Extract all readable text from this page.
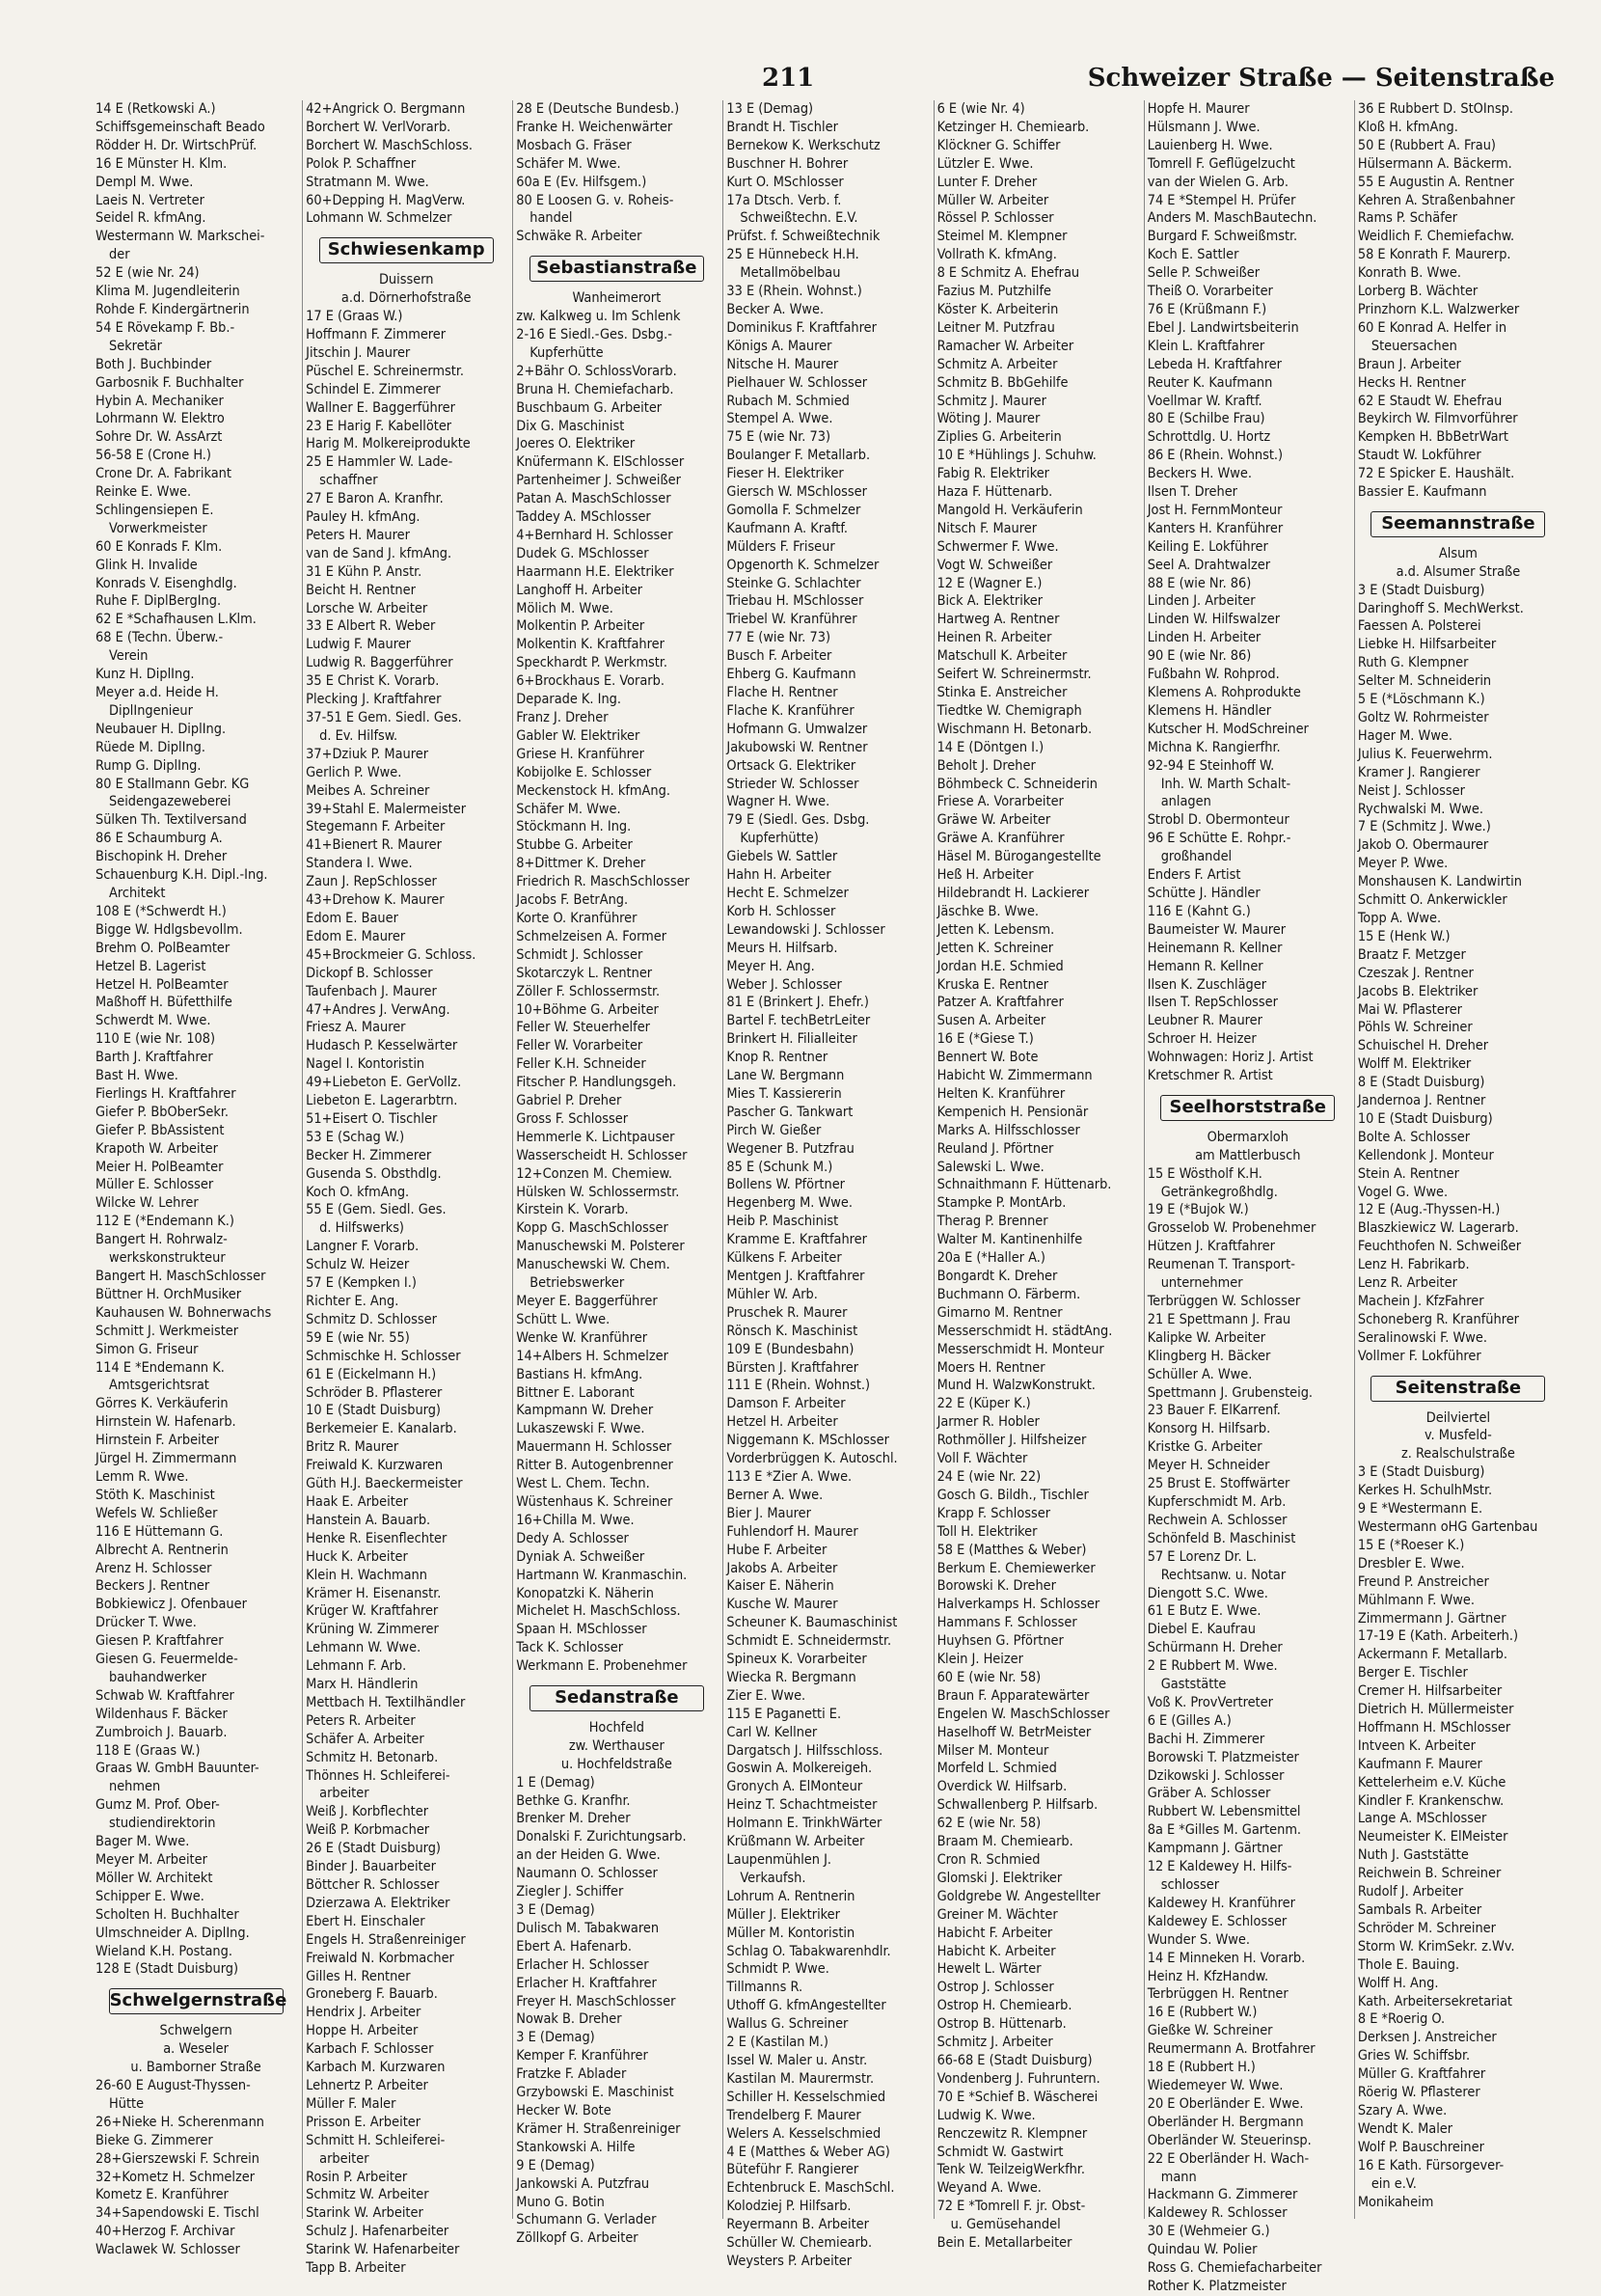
211	Schweizer Straße — Seitenstraße
14 E (Retkowski A.)
Schiffsgemeinschaft Beado
Rödder H. Dr. WirtschPrüf.
16 E Münster H. Klm.
Dempl M. Wwe.
Laeis N. Vertreter
Seidel R. kfmAng.
Westermann W. Markschei-
der
52 E (wie Nr. 24)
Klima M. Jugendleiterin
Rohde F. Kindergärtnerin
54 E Rövekamp F. Bb.-
Sekretär
Both J. Buchbinder
Garbosnik F. Buchhalter
Hybin A. Mechaniker
Lohrmann W. Elektro
Sohre Dr. W. AssArzt
56-58 E (Crone H.)
Crone Dr. A. Fabrikant
Reinke E. Wwe.
Schlingensiepen E.
Vorwerkmeister
60 E Konrads F. Klm.
Glink H. Invalide
Konrads V. Eisenghdlg.
Ruhe F. DiplBergIng.
62 E *Schafhausen L.Klm.
68 E (Techn. Überw.-
Verein
Kunz H. DiplIng.
Meyer a.d. Heide H.
DiplIngenieur
Neubauer H. DiplIng.
Rüede M. DiplIng.
Rump G. DiplIng.
80 E Stallmann Gebr. KG
Seidengazeweberei
Sülken Th. Textilversand
86 E Schaumburg A.
Bischopink H. Dreher
Schauenburg K.H. Dipl.-Ing.
Architekt
108 E (*Schwerdt H.)
Bigge W. Hdlgsbevollm.
Brehm O. PolBeamter
Hetzel B. Lagerist
Hetzel H. PolBeamter
Maßhoff H. Büfetthilfe
Schwerdt M. Wwe.
110 E (wie Nr. 108)
Barth J. Kraftfahrer
Bast H. Wwe.
Fierlings H. Kraftfahrer
Giefer P. BbOberSekr.
Giefer P. BbAssistent
Krapoth W. Arbeiter
Meier H. PolBeamter
Müller E. Schlosser
Wilcke W. Lehrer
112 E (*Endemann K.)
Bangert H. Rohrwalz-
werkskonstrukteur
Bangert H. MaschSchlosser
Büttner H. OrchMusiker
Kauhausen W. Bohnerwachs
Schmitt J. Werkmeister
Simon G. Friseur
114 E *Endemann K.
Amtsgerichtsrat
Görres K. Verkäuferin
Hirnstein W. Hafenarb.
Hirnstein F. Arbeiter
Jürgel H. Zimmermann
Lemm R. Wwe.
Stöth K. Maschinist
Wefels W. Schließer
116 E Hüttemann G.
Albrecht A. Rentnerin
Arenz H. Schlosser
Beckers J. Rentner
Bobkiewicz J. Ofenbauer
Drücker T. Wwe.
Giesen P. Kraftfahrer
Giesen G. Feuermelde-
bauhandwerker
Schwab W. Kraftfahrer
Wildenhaus F. Bäcker
Zumbroich J. Bauarb.
118 E (Graas W.)
Graas W. GmbH Bauunter-
nehmen
Gumz M. Prof. Ober-
studiendirektorin
Bager M. Wwe.
Meyer M. Arbeiter
Möller W. Architekt
Schipper E. Wwe.
Scholten H. Buchhalter
Ulmschneider A. DiplIng.
Wieland K.H. Postang.
128 E (Stadt Duisburg)
Schwelgernstraße
Schwelgern
a. Weseler
u. Bamborner Straße
26-60 E August-Thyssen-
Hütte
26+Nieke H. Scherenmann
Bieke G. Zimmerer
28+Gierszewski F. Schrein
32+Kometz H. Schmelzer
Kometz E. Kranführer
34+Sapendowski E. Tischl
40+Herzog F. Archivar
Waclawek W. Schlosser
42+Angrick O. Bergmann
Borchert W. VerlVorarb.
Borchert W. MaschSchloss.
Polok P. Schaffner
Stratmann M. Wwe.
60+Depping H. MagVerw.
Lohmann W. Schmelzer
Schwiesenkamp
Duissern
a.d. Dörnerhofstraße
17 E (Graas W.)
Hoffmann F. Zimmerer
Jitschin J. Maurer
Püschel E. Schreinermstr.
Schindel E. Zimmerer
Wallner E. Baggerführer
23 E Harig F. Kabellöter
Harig M. Molkereiprodukte
25 E Hammler W. Lade-
schaffner
27 E Baron A. Kranfhr.
Pauley H. kfmAng.
Peters H. Maurer
van de Sand J. kfmAng.
31 E Kühn P. Anstr.
Beicht H. Rentner
Lorsche W. Arbeiter
33 E Albert R. Weber
Ludwig F. Maurer
Ludwig R. Baggerführer
35 E Christ K. Vorarb.
Plecking J. Kraftfahrer
37-51 E Gem. Siedl. Ges.
d. Ev. Hilfsw.
37+Dziuk P. Maurer
Gerlich P. Wwe.
Meibes A. Schreiner
39+Stahl E. Malermeister
Stegemann F. Arbeiter
41+Bienert R. Maurer
Standera I. Wwe.
Zaun J. RepSchlosser
43+Drehow K. Maurer
Edom E. Bauer
Edom E. Maurer
45+Brockmeier G. Schloss.
Dickopf B. Schlosser
Taufenbach J. Maurer
47+Andres J. VerwAng.
Friesz A. Maurer
Hudasch P. Kesselwärter
Nagel I. Kontoristin
49+Liebeton E. GerVollz.
Liebeton E. Lagerarbtrn.
51+Eisert O. Tischler
53 E (Schag W.)
Becker H. Zimmerer
Gusenda S. Obsthdlg.
Koch O. kfmAng.
55 E (Gem. Siedl. Ges.
d. Hilfswerks)
Langner F. Vorarb.
Schulz W. Heizer
57 E (Kempken I.)
Richter E. Ang.
Schmitz D. Schlosser
59 E (wie Nr. 55)
Schmischke H. Schlosser
61 E (Eickelmann H.)
Schröder B. Pflasterer
10 E (Stadt Duisburg)
Berkemeier E. Kanalarb.
Britz R. Maurer
Freiwald K. Kurzwaren
Güth H.J. Baeckermeister
Haak E. Arbeiter
Hanstein A. Bauarb.
Henke R. Eisenflechter
Huck K. Arbeiter
Klein H. Wachmann
Krämer H. Eisenanstr.
Krüger W. Kraftfahrer
Krüning W. Zimmerer
Lehmann W. Wwe.
Lehmann F. Arb.
Marx H. Händlerin
Mettbach H. Textilhändler
Peters R. Arbeiter
Schäfer A. Arbeiter
Schmitz H. Betonarb.
Thönnes H. Schleiferei-
arbeiter
Weiß J. Korbflechter
Weiß P. Korbmacher
26 E (Stadt Duisburg)
Binder J. Bauarbeiter
Böttcher R. Schlosser
Dzierzawa A. Elektriker
Ebert H. Einschaler
Engels H. Straßenreiniger
Freiwald N. Korbmacher
Gilles H. Rentner
Groneberg F. Bauarb.
Hendrix J. Arbeiter
Hoppe H. Arbeiter
Karbach F. Schlosser
Karbach M. Kurzwaren
Lehnertz P. Arbeiter
Müller F. Maler
Prisson E. Arbeiter
Schmitt H. Schleiferei-
arbeiter
Rosin P. Arbeiter
Schmitz W. Arbeiter
Starink W. Arbeiter
Schulz J. Hafenarbeiter
Starink W. Hafenarbeiter
Tapp B. Arbeiter
28 E (Deutsche Bundesb.)
Franke H. Weichenwärter
Mosbach G. Fräser
Schäfer M. Wwe.
60a E (Ev. Hilfsgem.)
80 E Loosen G. v. Roheis-
handel
Schwäke R. Arbeiter
Sebastianstraße
Wanheimerort
zw. Kalkweg u. Im Schlenk
2-16 E Siedl.-Ges. Dsbg.-
Kupferhütte
2+Bähr O. SchlossVorarb.
Bruna H. Chemiefacharb.
Buschbaum G. Arbeiter
Dix G. Maschinist
Joeres O. Elektriker
Knüfermann K. ElSchlosser
Partenheimer J. Schweißer
Patan A. MaschSchlosser
Taddey A. MSchlosser
4+Bernhard H. Schlosser
Dudek G. MSchlosser
Haarmann H.E. Elektriker
Langhoff H. Arbeiter
Mölich M. Wwe.
Molkentin P. Arbeiter
Molkentin K. Kraftfahrer
Speckhardt P. Werkmstr.
6+Brockhaus E. Vorarb.
Deparade K. Ing.
Franz J. Dreher
Gabler W. Elektriker
Griese H. Kranführer
Kobijolke E. Schlosser
Meckenstock H. kfmAng.
Schäfer M. Wwe.
Stöckmann H. Ing.
Stubbe G. Arbeiter
8+Dittmer K. Dreher
Friedrich R. MaschSchlosser
Jacobs F. BetrAng.
Korte O. Kranführer
Schmelzeisen A. Former
Schmidt J. Schlosser
Skotarczyk L. Rentner
Zöller F. Schlossermstr.
10+Böhme G. Arbeiter
Feller W. Steuerhelfer
Feller W. Vorarbeiter
Feller K.H. Schneider
Fitscher P. Handlungsgeh.
Gabriel P. Dreher
Gross F. Schlosser
Hemmerle K. Lichtpauser
Wasserscheidt H. Schlosser
12+Conzen M. Chemiew.
Hülsken W. Schlossermstr.
Kirstein K. Vorarb.
Kopp G. MaschSchlosser
Manuschewski M. Polsterer
Manuschewski W. Chem.
Betriebswerker
Meyer E. Baggerführer
Schütt L. Wwe.
Wenke W. Kranführer
14+Albers H. Schmelzer
Bastians H. kfmAng.
Bittner E. Laborant
Kampmann W. Dreher
Lukaszewski F. Wwe.
Mauermann H. Schlosser
Ritter B. Autogenbrenner
West L. Chem. Techn.
Wüstenhaus K. Schreiner
16+Chilla M. Wwe.
Dedy A. Schlosser
Dyniak A. Schweißer
Hartmann W. Kranmaschin.
Konopatzki K. Näherin
Michelet H. MaschSchloss.
Spaan H. MSchlosser
Tack K. Schlosser
Werkmann E. Probenehmer
Sedanstraße
Hochfeld
zw. Werthauser
u. Hochfeldstraße
1 E (Demag)
Bethke G. Kranfhr.
Brenker M. Dreher
Donalski F. Zurichtungsarb.
an der Heiden G. Wwe.
Naumann O. Schlosser
Ziegler J. Schiffer
3 E (Demag)
Dulisch M. Tabakwaren
Ebert A. Hafenarb.
Erlacher H. Schlosser
Erlacher H. Kraftfahrer
Freyer H. MaschSchlosser
Nowak B. Dreher
3 E (Demag)
Kemper F. Kranführer
Fratzke F. Ablader
Grzybowski E. Maschinist
Hecker W. Bote
Krämer H. Straßenreiniger
Stankowski A. Hilfe
9 E (Demag)
Jankowski A. Putzfrau
Muno G. Botin
Schumann G. Verlader
Zöllkopf G. Arbeiter
13 E (Demag)
Brandt H. Tischler
Bernekow K. Werkschutz
Buschner H. Bohrer
Kurt O. MSchlosser
17a Dtsch. Verb. f.
Schweißtechn. E.V.
Prüfst. f. Schweißtechnik
25 E Hünnebeck H.H.
Metallmöbelbau
33 E (Rhein. Wohnst.)
Becker A. Wwe.
Dominikus F. Kraftfahrer
Königs A. Maurer
Nitsche H. Maurer
Pielhauer W. Schlosser
Rubach M. Schmied
Stempel A. Wwe.
75 E (wie Nr. 73)
Boulanger F. Metallarb.
Fieser H. Elektriker
Giersch W. MSchlosser
Gomolla F. Schmelzer
Kaufmann A. Kraftf.
Mülders F. Friseur
Opgenorth K. Schmelzer
Steinke G. Schlachter
Triebau H. MSchlosser
Triebel W. Kranführer
77 E (wie Nr. 73)
Busch F. Arbeiter
Ehberg G. Kaufmann
Flache H. Rentner
Flache K. Kranführer
Hofmann G. Umwalzer
Jakubowski W. Rentner
Ortsack G. Elektriker
Strieder W. Schlosser
Wagner H. Wwe.
79 E (Siedl. Ges. Dsbg.
Kupferhütte)
Giebels W. Sattler
Hahn H. Arbeiter
Hecht E. Schmelzer
Korb H. Schlosser
Lewandowski J. Schlosser
Meurs H. Hilfsarb.
Meyer H. Ang.
Weber J. Schlosser
81 E (Brinkert J. Ehefr.)
Bartel F. techBetrLeiter
Brinkert H. Filialleiter
Knop R. Rentner
Lane W. Bergmann
Mies T. Kassiererin
Pascher G. Tankwart
Pirch W. Gießer
Wegener B. Putzfrau
85 E (Schunk M.)
Bollens W. Pförtner
Hegenberg M. Wwe.
Heib P. Maschinist
Kramme E. Kraftfahrer
Külkens F. Arbeiter
Mentgen J. Kraftfahrer
Mühler W. Arb.
Pruschek R. Maurer
Rönsch K. Maschinist
109 E (Bundesbahn)
Bürsten J. Kraftfahrer
111 E (Rhein. Wohnst.)
Damson F. Arbeiter
Hetzel H. Arbeiter
Niggemann K. MSchlosser
Vorderbrüggen K. Autoschl.
113 E *Zier A. Wwe.
Berner A. Wwe.
Bier J. Maurer
Fuhlendorf H. Maurer
Hube F. Arbeiter
Jakobs A. Arbeiter
Kaiser E. Näherin
Kusche W. Maurer
Scheuner K. Baumaschinist
Schmidt E. Schneidermstr.
Spineux K. Vorarbeiter
Wiecka R. Bergmann
Zier E. Wwe.
115 E Paganetti E.
Carl W. Kellner
Dargatsch J. Hilfsschloss.
Goswin A. Molkereigeh.
Gronych A. ElMonteur
Heinz T. Schachtmeister
Holmann E. TrinkhWärter
Krüßmann W. Arbeiter
Laupenmühlen J.
Verkaufsh.
Lohrum A. Rentnerin
Müller J. Elektriker
Müller M. Kontoristin
Schlag O. Tabakwarenhdlr.
Schmidt P. Wwe.
Tillmanns R.
Uthoff G. kfmAngestellter
Wallus G. Schreiner
2 E (Kastilan M.)
Issel W. Maler u. Anstr.
Kastilan M. Maurermstr.
Schiller H. Kesselschmied
Trendelberg F. Maurer
Welers A. Kesselschmied
4 E (Matthes & Weber AG)
Büteführ F. Rangierer
Echtenbruck E. MaschSchl.
Kolodziej P. Hilfsarb.
Reyermann B. Arbeiter
Schüller W. Chemiearb.
Weysters P. Arbeiter
6 E (wie Nr. 4)
Ketzinger H. Chemiearb.
Klöckner G. Schiffer
Lützler E. Wwe.
Lunter F. Dreher
Müller W. Arbeiter
Rössel P. Schlosser
Steimel M. Klempner
Vollrath K. kfmAng.
8 E Schmitz A. Ehefrau
Fazius M. Putzhilfe
Köster K. Arbeiterin
Leitner M. Putzfrau
Ramacher W. Arbeiter
Schmitz A. Arbeiter
Schmitz B. BbGehilfe
Schmitz J. Maurer
Wöting J. Maurer
Ziplies G. Arbeiterin
10 E *Hühlings J. Schuhw.
Fabig R. Elektriker
Haza F. Hüttenarb.
Mangold H. Verkäuferin
Nitsch F. Maurer
Schwermer F. Wwe.
Vogt W. Schweißer
12 E (Wagner E.)
Bick A. Elektriker
Hartweg A. Rentner
Heinen R. Arbeiter
Matschull K. Arbeiter
Seifert W. Schreinermstr.
Stinka E. Anstreicher
Tiedtke W. Chemigraph
Wischmann H. Betonarb.
14 E (Döntgen I.)
Beholt J. Dreher
Böhmbeck C. Schneiderin
Friese A. Vorarbeiter
Gräwe W. Arbeiter
Gräwe A. Kranführer
Häsel M. Bürogangestellte
Heß H. Arbeiter
Hildebrandt H. Lackierer
Jäschke B. Wwe.
Jetten K. Lebensm.
Jetten K. Schreiner
Jordan H.E. Schmied
Kruska E. Rentner
Patzer A. Kraftfahrer
Susen A. Arbeiter
16 E (*Giese T.)
Bennert W. Bote
Habicht W. Zimmermann
Helten K. Kranführer
Kempenich H. Pensionär
Marks A. Hilfsschlosser
Reuland J. Pförtner
Salewski L. Wwe.
Schnaithmann F. Hüttenarb.
Stampke P. MontArb.
Therag P. Brenner
Walter M. Kantinenhilfe
20a E (*Haller A.)
Bongardt K. Dreher
Buchmann O. Färberm.
Gimarno M. Rentner
Messerschmidt H. städtAng.
Messerschmidt H. Monteur
Moers H. Rentner
Mund H. WalzwKonstrukt.
22 E (Küper K.)
Jarmer R. Hobler
Rothmöller J. Hilfsheizer
Voll F. Wächter
24 E (wie Nr. 22)
Gosch G. Bildh., Tischler
Krapp F. Schlosser
Toll H. Elektriker
58 E (Matthes & Weber)
Berkum E. Chemiewerker
Borowski K. Dreher
Halverkamps H. Schlosser
Hammans F. Schlosser
Huyhsen G. Pförtner
Klein J. Heizer
60 E (wie Nr. 58)
Braun F. Apparatewärter
Engelen W. MaschSchlosser
Haselhoff W. BetrMeister
Milser M. Monteur
Morfeld L. Schmied
Overdick W. Hilfsarb.
Schwallenberg P. Hilfsarb.
62 E (wie Nr. 58)
Braam M. Chemiearb.
Cron R. Schmied
Glomski J. Elektriker
Goldgrebe W. Angestellter
Greiner M. Wächter
Habicht F. Arbeiter
Habicht K. Arbeiter
Hewelt L. Wärter
Ostrop J. Schlosser
Ostrop H. Chemiearb.
Ostrop B. Hüttenarb.
Schmitz J. Arbeiter
66-68 E (Stadt Duisburg)
Vondenberg J. Fuhruntern.
70 E *Schief B. Wäscherei
Ludwig K. Wwe.
Renczewitz R. Klempner
Schmidt W. Gastwirt
Tenk W. TeilzeigWerkfhr.
Weyand A. Wwe.
72 E *Tomrell F. jr. Obst-
u. Gemüsehandel
Bein E. Metallarbeiter
Hopfe H. Maurer
Hülsmann J. Wwe.
Lauienberg H. Wwe.
Tomrell F. Geflügelzucht
van der Wielen G. Arb.
74 E *Stempel H. Prüfer
Anders M. MaschBautechn.
Burgard F. Schweißmstr.
Koch E. Sattler
Selle P. Schweißer
Theiß O. Vorarbeiter
76 E (Krüßmann F.)
Ebel J. Landwirtsbeiterin
Klein L. Kraftfahrer
Lebeda H. Kraftfahrer
Reuter K. Kaufmann
Voellmar W. Kraftf.
80 E (Schilbe Frau)
Schrottdlg. U. Hortz
86 E (Rhein. Wohnst.)
Beckers H. Wwe.
Ilsen T. Dreher
Jost H. FernmMonteur
Kanters H. Kranführer
Keiling E. Lokführer
Seel A. Drahtwalzer
88 E (wie Nr. 86)
Linden J. Arbeiter
Linden W. Hilfswalzer
Linden H. Arbeiter
90 E (wie Nr. 86)
Fußbahn W. Rohprod.
Klemens A. Rohprodukte
Klemens H. Händler
Kutscher H. ModSchreiner
Michna K. Rangierfhr.
92-94 E Steinhoff W.
Inh. W. Marth Schalt-
anlagen
Strobl D. Obermonteur
96 E Schütte E. Rohpr.-
großhandel
Enders F. Artist
Schütte J. Händler
116 E (Kahnt G.)
Baumeister W. Maurer
Heinemann R. Kellner
Hemann R. Kellner
Ilsen K. Zuschläger
Ilsen T. RepSchlosser
Leubner R. Maurer
Schroer H. Heizer
Wohnwagen: Horiz J. Artist
Kretschmer R. Artist
Seelhorststraße
Obermarxloh
am Mattlerbusch
15 E Wöstholf K.H.
Getränkegroßhdlg.
19 E (*Bujok W.)
Grosselob W. Probenehmer
Hützen J. Kraftfahrer
Reumenan T. Transport-
unternehmer
Terbrüggen W. Schlosser
21 E Spettmann J. Frau
Kalipke W. Arbeiter
Klingberg H. Bäcker
Schüller A. Wwe.
Spettmann J. Grubensteig.
23 Bauer F. ElKarrenf.
Konsorg H. Hilfsarb.
Kristke G. Arbeiter
Meyer H. Schneider
25 Brust E. Stoffwärter
Kupferschmidt M. Arb.
Rechwein A. Schlosser
Schönfeld B. Maschinist
57 E Lorenz Dr. L.
Rechtsanw. u. Notar
Diengott S.C. Wwe.
61 E Butz E. Wwe.
Diebel E. Kaufrau
Schürmann H. Dreher
2 E Rubbert M. Wwe.
Gaststätte
Voß K. ProvVertreter
6 E (Gilles A.)
Bachi H. Zimmerer
Borowski T. Platzmeister
Dzikowski J. Schlosser
Gräber A. Schlosser
Rubbert W. Lebensmittel
8a E *Gilles M. Gartenm.
Kampmann J. Gärtner
12 E Kaldewey H. Hilfs-
schlosser
Kaldewey H. Kranführer
Kaldewey E. Schlosser
Wunder S. Wwe.
14 E Minneken H. Vorarb.
Heinz H. KfzHandw.
Terbrüggen H. Rentner
16 E (Rubbert W.)
Gießke W. Schreiner
Reumermann A. Brotfahrer
18 E (Rubbert H.)
Wiedemeyer W. Wwe.
20 E Oberländer E. Wwe.
Oberländer H. Bergmann
Oberländer W. Steuerinsp.
22 E Oberländer H. Wach-
mann
Hackmann G. Zimmerer
Kaldewey R. Schlosser
30 E (Wehmeier G.)
Quindau W. Polier
Ross G. Chemiefacharbeiter
Rother K. Platzmeister
36 E Rubbert D. StOInsp.
Kloß H. kfmAng.
50 E (Rubbert A. Frau)
Hülsermann A. Bäckerm.
55 E Augustin A. Rentner
Kehren A. Straßenbahner
Rams P. Schäfer
Weidlich F. Chemiefachw.
58 E Konrath F. Maurerp.
Konrath B. Wwe.
Lorberg B. Wächter
Prinzhorn K.L. Walzwerker
60 E Konrad A. Helfer in
Steuersachen
Braun J. Arbeiter
Hecks H. Rentner
62 E Staudt W. Ehefrau
Beykirch W. Filmvorführer
Kempken H. BbBetrWart
Staudt W. Lokführer
72 E Spicker E. Haushält.
Bassier E. Kaufmann
Seemannstraße
Alsum
a.d. Alsumer Straße
3 E (Stadt Duisburg)
Daringhoff S. MechWerkst.
Faessen A. Polsterei
Liebke H. Hilfsarbeiter
Ruth G. Klempner
Selter M. Schneiderin
5 E (*Löschmann K.)
Goltz W. Rohrmeister
Hager M. Wwe.
Julius K. Feuerwehrm.
Kramer J. Rangierer
Neist J. Schlosser
Rychwalski M. Wwe.
7 E (Schmitz J. Wwe.)
Jakob O. Obermaurer
Meyer P. Wwe.
Monshausen K. Landwirtin
Schmitt O. Ankerwickler
Topp A. Wwe.
15 E (Henk W.)
Braatz F. Metzger
Czeszak J. Rentner
Jacobs B. Elektriker
Mai W. Pflasterer
Pöhls W. Schreiner
Schuischel H. Dreher
Wolff M. Elektriker
8 E (Stadt Duisburg)
Jandernoa J. Rentner
10 E (Stadt Duisburg)
Bolte A. Schlosser
Kellendonk J. Monteur
Stein A. Rentner
Vogel G. Wwe.
12 E (Aug.-Thyssen-H.)
Blaszkiewicz W. Lagerarb.
Feuchthofen N. Schweißer
Lenz H. Fabrikarb.
Lenz R. Arbeiter
Machein J. KfzFahrer
Schoneberg R. Kranführer
Seralinowski F. Wwe.
Vollmer F. Lokführer
Seitenstraße
Deilviertel
v. Musfeld-
z. Realschulstraße
3 E (Stadt Duisburg)
Kerkes H. SchulhMstr.
9 E *Westermann E.
Westermann oHG Gartenbau
15 E (*Roeser K.)
Dresbler E. Wwe.
Freund P. Anstreicher
Mühlmann F. Wwe.
Zimmermann J. Gärtner
17-19 E (Kath. Arbeiterh.)
Ackermann F. Metallarb.
Berger E. Tischler
Cremer H. Hilfsarbeiter
Dietrich H. Müllermeister
Hoffmann H. MSchlosser
Intveen K. Arbeiter
Kaufmann F. Maurer
Kettelerheim e.V. Küche
Kindler F. Krankenschw.
Lange A. MSchlosser
Neumeister K. ElMeister
Nuth J. Gaststätte
Reichwein B. Schreiner
Rudolf J. Arbeiter
Sambals R. Arbeiter
Schröder M. Schreiner
Storm W. KrimSekr. z.Wv.
Thole E. Bauing.
Wolff H. Ang.
Kath. Arbeitersekretariat
8 E *Roerig O.
Derksen J. Anstreicher
Gries W. Schiffsbr.
Müller G. Kraftfahrer
Röerig W. Pflasterer
Szary A. Wwe.
Wendt K. Maler
Wolf P. Bauschreiner
16 E Kath. Fürsorgever-
ein e.V.
Monikaheim
